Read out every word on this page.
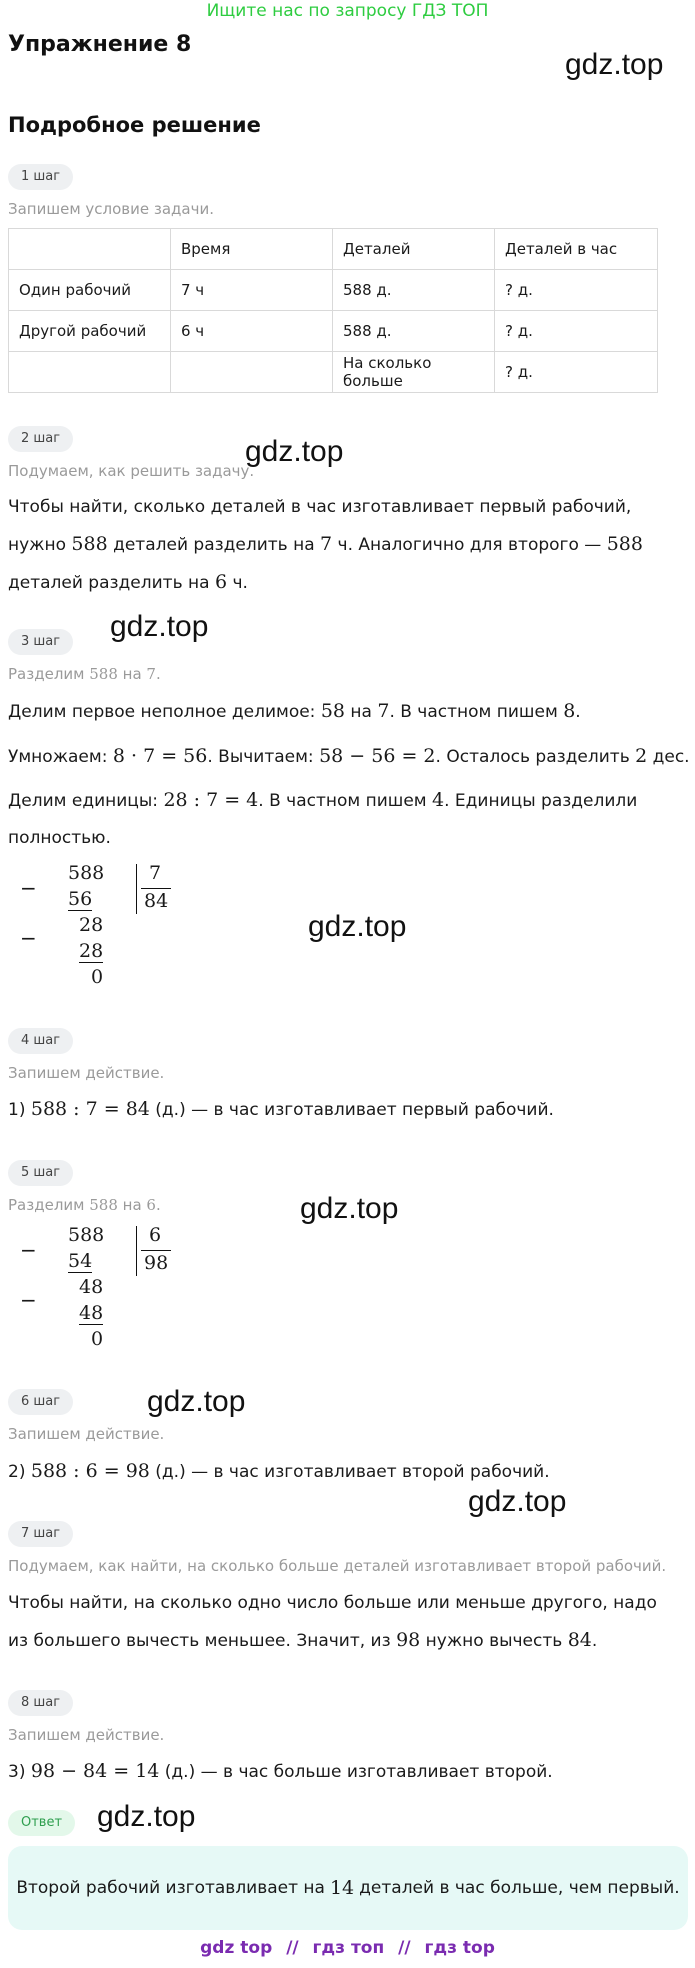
Ищите нас по запросу ГДЗ ТОП
Упражнение 8
gdz.top
gdz.top
gdz.top
gdz.top
gdz.top
gdz.top
gdz.top
gdz.top
Подробное решение
1 шаг
Запишем условие задачи.
	Время	Деталей	Деталей в час
Один рабочий	7 ч	588 д.	? д.
Другой рабочий	6 ч	588 д.	? д.
		На сколько больше	? д.
2 шаг
Подумаем, как решить задачу.
Чтобы найти, сколько деталей в час изготавливает первый рабочий, нужно 588 деталей разделить на 7 ч. Аналогично для второго — 588 деталей разделить на 6 ч.
3 шаг
Разделим 588 на 7.
Делим первое неполное делимое: 58 на 7. В частном пишем 8.
Умножаем: 8 · 7 = 56. Вычитаем: 58 − 56 = 2. Осталось разделить 2 дес.
Делим единицы: 28 : 7 = 4. В частном пишем 4. Единицы разделили полностью.
−
588 7
84
56
−
28
28
0
4 шаг
Запишем действие.
1) 588 : 7 = 84 (д.) — в час изготавливает первый рабочий.
5 шаг
Разделим 588 на 6.
−
588 6
98
54
−
48
48
0
6 шаг
Запишем действие.
2) 588 : 6 = 98 (д.) — в час изготавливает второй рабочий.
7 шаг
Подумаем, как найти, на сколько больше деталей изготавливает второй рабочий.
Чтобы найти, на сколько одно число больше или меньше другого, надо из большего вычесть меньшее. Значит, из 98 нужно вычесть 84.
8 шаг
Запишем действие.
3) 98 − 84 = 14 (д.) — в час больше изготавливает второй.
Ответ
Второй рабочий изготавливает на 14 деталей в час больше, чем первый.
gdz top // гдз топ // гдз top
